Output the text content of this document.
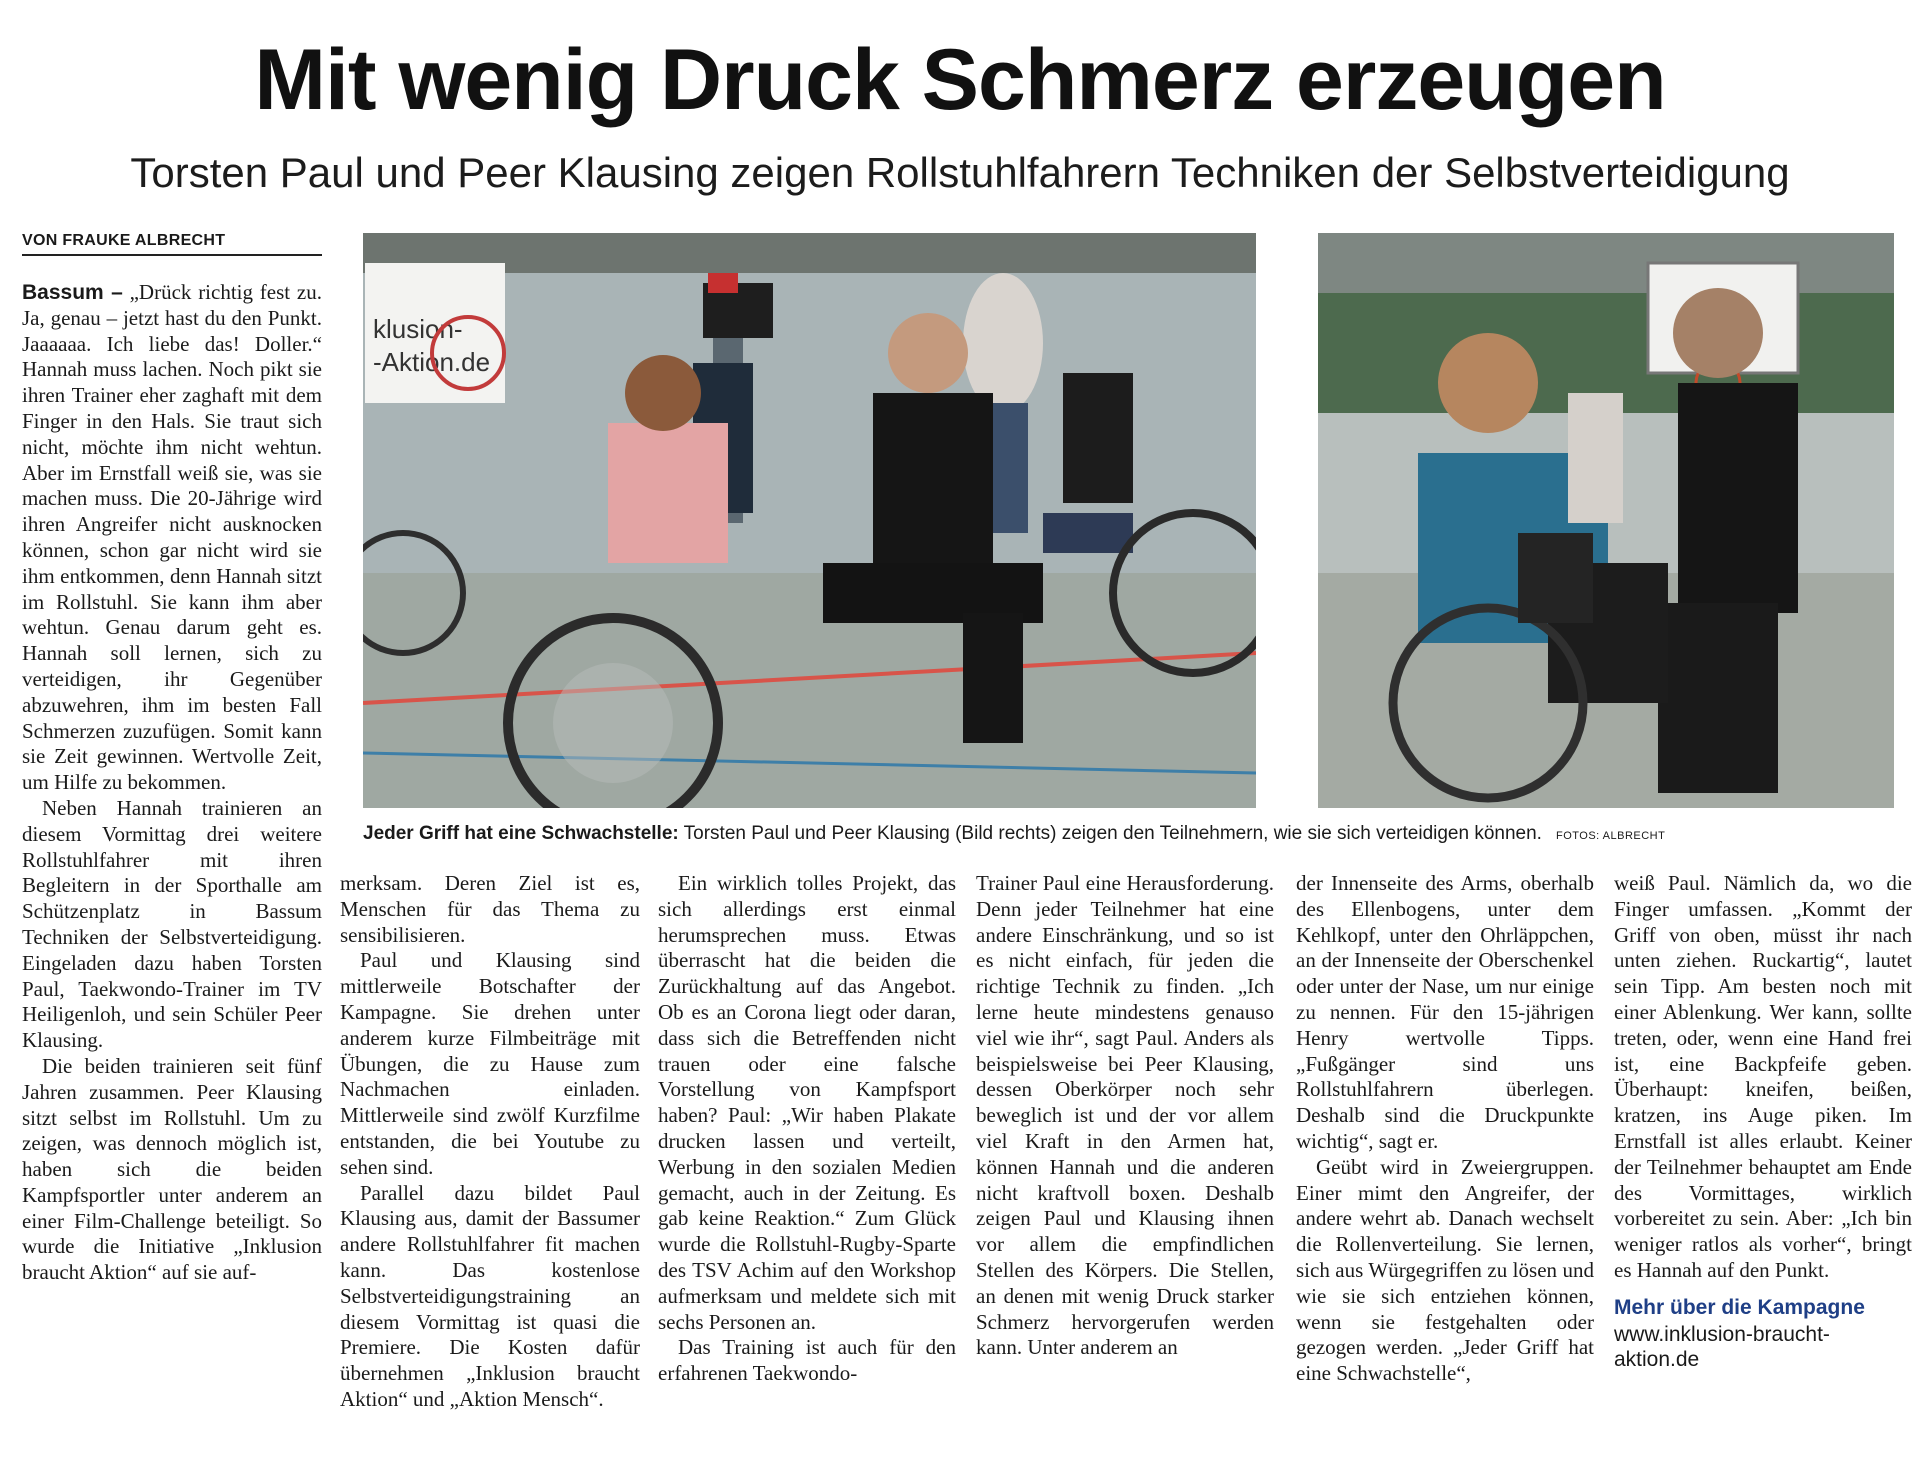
Mit wenig Druck Schmerz erzeugen
Torsten Paul und Peer Klausing zeigen Rollstuhlfahrern Techniken der Selbstverteidigung
VON FRAUKE ALBRECHT

Bassum – „Drück richtig fest zu. Ja, genau – jetzt hast du den Punkt. Jaaaaaa. Ich liebe das! Doller.“ Hannah muss lachen. Noch pikt sie ihren Trainer eher zaghaft mit dem Finger in den Hals. Sie traut sich nicht, möchte ihm nicht wehtun. Aber im Ernstfall weiß sie, was sie machen muss. Die 20-Jährige wird ihren Angreifer nicht ausknocken können, schon gar nicht wird sie ihm entkommen, denn Hannah sitzt im Rollstuhl. Sie kann ihm aber wehtun. Genau darum geht es. Hannah soll lernen, sich zu verteidigen, ihr Gegenüber abzuwehren, ihm im besten Fall Schmerzen zuzufügen. Somit kann sie Zeit gewinnen. Wertvolle Zeit, um Hilfe zu bekommen.

Neben Hannah trainieren an diesem Vormittag drei weitere Rollstuhlfahrer mit ihren Begleitern in der Sporthalle am Schützenplatz in Bassum Techniken der Selbstverteidigung. Eingeladen dazu haben Torsten Paul, Taekwondo-Trainer im TV Heiligenloh, und sein Schüler Peer Klausing.

Die beiden trainieren seit fünf Jahren zusammen. Peer Klausing sitzt selbst im Rollstuhl. Um zu zeigen, was dennoch möglich ist, haben sich die beiden Kampfsportler unter anderem an einer Film-Challenge beteiligt. So wurde die Initiative „Inklusion braucht Aktion“ auf sie auf-

klusion-
-Aktion.de
Jeder Griff hat eine Schwachstelle: Torsten Paul und Peer Klausing (Bild rechts) zeigen den Teilnehmern, wie sie sich verteidigen können. FOTOS: ALBRECHT

merksam. Deren Ziel ist es, Menschen für das Thema zu sensibilisieren.

Paul und Klausing sind mittlerweile Botschafter der Kampagne. Sie drehen unter anderem kurze Filmbeiträge mit Übungen, die zu Hause zum Nachmachen einladen. Mittlerweile sind zwölf Kurzfilme entstanden, die bei Youtube zu sehen sind.

Parallel dazu bildet Paul Klausing aus, damit der Bassumer andere Rollstuhlfahrer fit machen kann. Das kostenlose Selbstverteidigungstraining an diesem Vormittag ist quasi die Premiere. Die Kosten dafür übernehmen „Inklusion braucht Aktion“ und „Aktion Mensch“.

Ein wirklich tolles Projekt, das sich allerdings erst einmal herumsprechen muss. Etwas überrascht hat die beiden die Zurückhaltung auf das Angebot. Ob es an Corona liegt oder daran, dass sich die Betreffenden nicht trauen oder eine falsche Vorstellung von Kampfsport haben? Paul: „Wir haben Plakate drucken lassen und verteilt, Werbung in den sozialen Medien gemacht, auch in der Zeitung. Es gab keine Reaktion.“ Zum Glück wurde die Rollstuhl-Rugby-Sparte des TSV Achim auf den Workshop aufmerksam und meldete sich mit sechs Personen an.

Das Training ist auch für den erfahrenen Taekwondo-

Trainer Paul eine Herausforderung. Denn jeder Teilnehmer hat eine andere Einschränkung, und so ist es nicht einfach, für jeden die richtige Technik zu finden. „Ich lerne heute mindestens genauso viel wie ihr“, sagt Paul. Anders als beispielsweise bei Peer Klausing, dessen Oberkörper noch sehr beweglich ist und der vor allem viel Kraft in den Armen hat, können Hannah und die anderen nicht kraftvoll boxen. Deshalb zeigen Paul und Klausing ihnen vor allem die empfindlichen Stellen des Körpers. Die Stellen, an denen mit wenig Druck starker Schmerz hervorgerufen werden kann. Unter anderem an

der Innenseite des Arms, oberhalb des Ellenbogens, unter dem Kehlkopf, unter den Ohrläppchen, an der Innenseite der Oberschenkel oder unter der Nase, um nur einige zu nennen. Für den 15-jährigen Henry wertvolle Tipps. „Fußgänger sind uns Rollstuhlfahrern überlegen. Deshalb sind die Druckpunkte wichtig“, sagt er.

Geübt wird in Zweiergruppen. Einer mimt den Angreifer, der andere wehrt ab. Danach wechselt die Rollenverteilung. Sie lernen, sich aus Würgegriffen zu lösen und wie sie sich entziehen können, wenn sie festgehalten oder gezogen werden. „Jeder Griff hat eine Schwachstelle“,

weiß Paul. Nämlich da, wo die Finger umfassen. „Kommt der Griff von oben, müsst ihr nach unten ziehen. Ruckartig“, lautet sein Tipp. Am besten noch mit einer Ablenkung. Wer kann, sollte treten, oder, wenn eine Hand frei ist, eine Backpfeife geben. Überhaupt: kneifen, beißen, kratzen, ins Auge piken. Im Ernstfall ist alles erlaubt. Keiner der Teilnehmer behauptet am Ende des Vormittages, wirklich vorbereitet zu sein. Aber: „Ich bin weniger ratlos als vorher“, bringt es Hannah auf den Punkt.

Mehr über die Kampagne
www.inklusion-braucht-aktion.de
